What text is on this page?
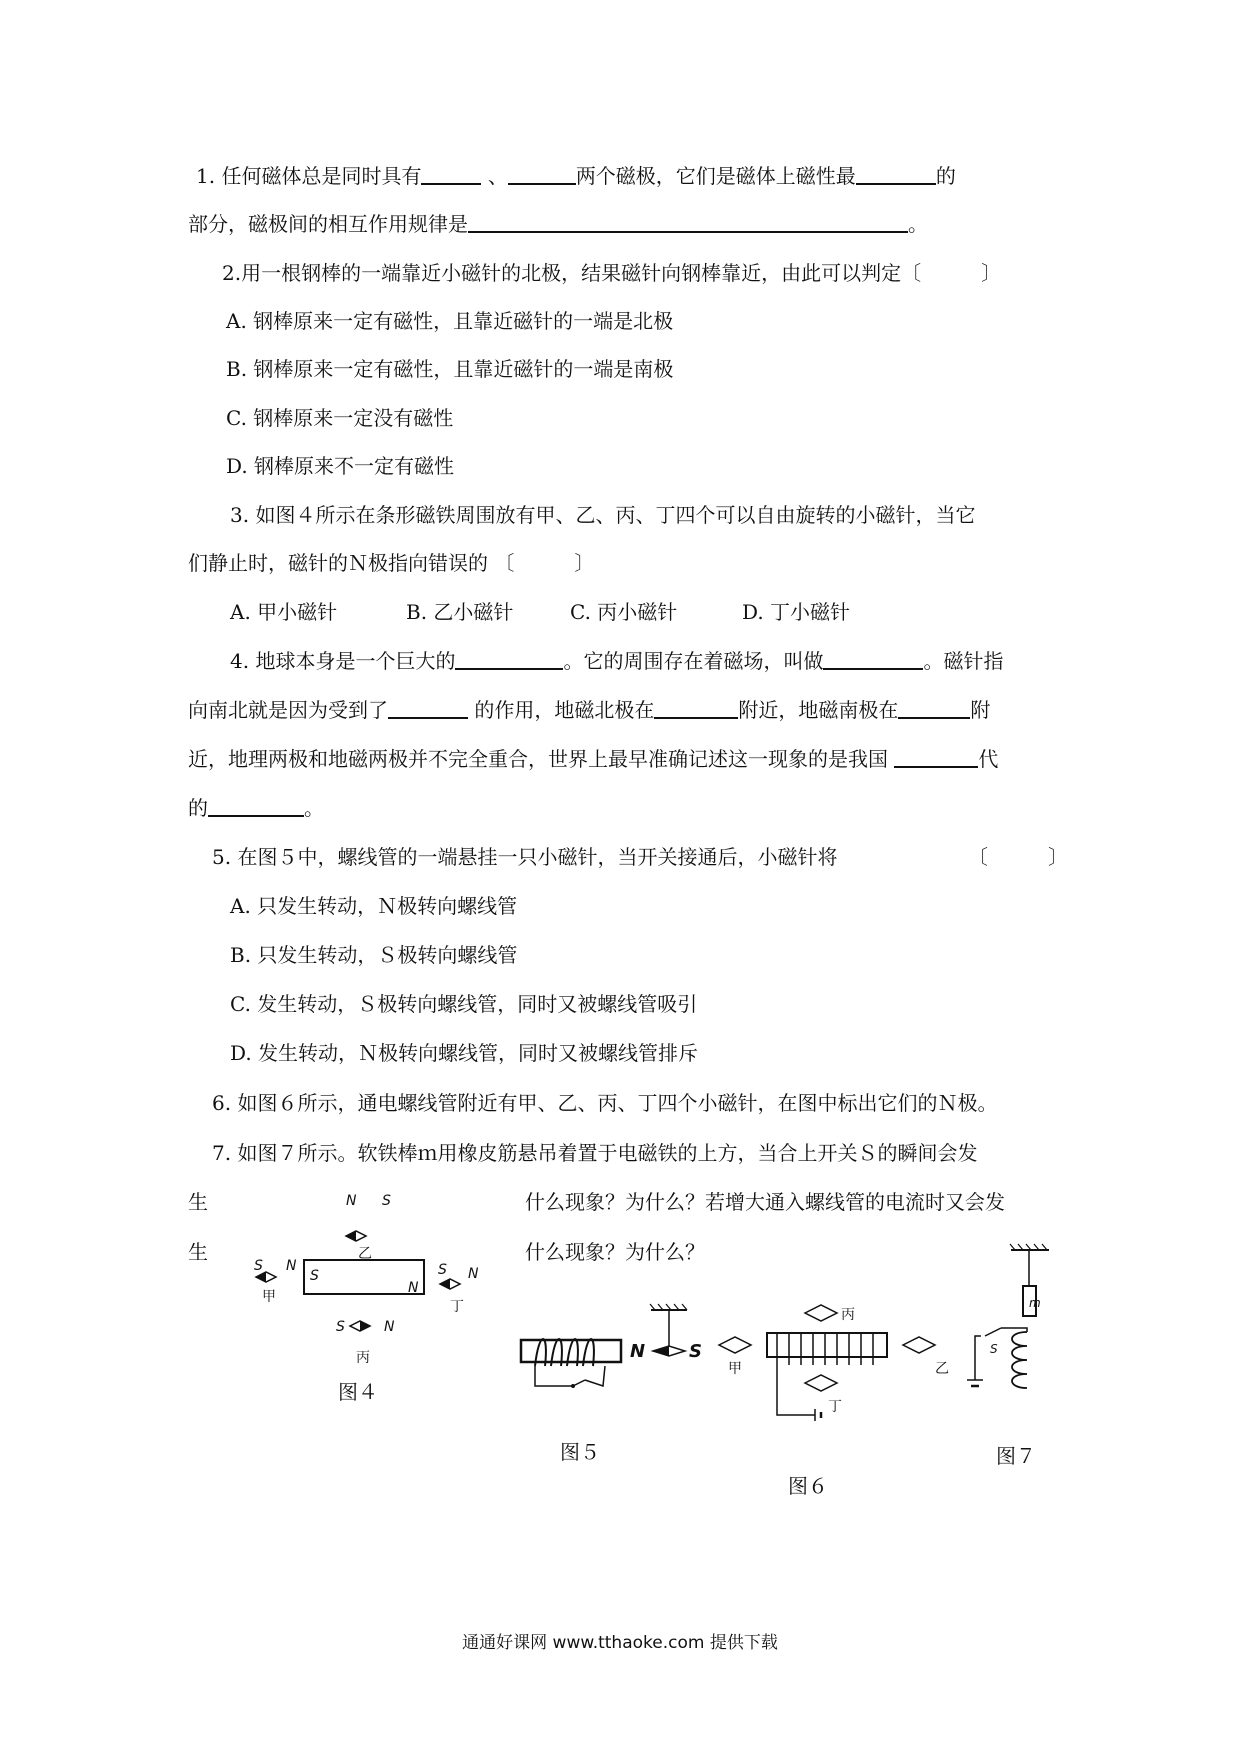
1. 任何磁体总是同时具有	、	两个磁极，它们是磁体上磁性最	的
部分，磁极间的相互作用规律是	。
2.用一根钢棒的一端靠近小磁针的北极，结果磁针向钢棒靠近，由此可以判定〔　　　〕
A. 钢棒原来一定有磁性，且靠近磁针的一端是北极
B. 钢棒原来一定有磁性，且靠近磁针的一端是南极
C. 钢棒原来一定没有磁性
D. 钢棒原来不一定有磁性
3. 如图４所示在条形磁铁周围放有甲、乙、丙、丁四个可以自由旋转的小磁针，当它
们静止时，磁针的Ｎ极指向错误的 〔　　　〕
A. 甲小磁针	B. 乙小磁针	C. 丙小磁针	D. 丁小磁针
4. 地球本身是一个巨大的	。它的周围存在着磁场，叫做	。磁针指
向南北就是因为受到了	的作用，地磁北极在	附近，地磁南极在	附
近，地理两极和地磁两极并不完全重合，世界上最早准确记述这一现象的是我国	代
的	。
5. 在图５中，螺线管的一端悬挂一只小磁针，当开关接通后，小磁针将	〔　　　〕
A. 只发生转动，Ｎ极转向螺线管
B. 只发生转动，Ｓ极转向螺线管
C. 发生转动，Ｓ极转向螺线管，同时又被螺线管吸引
D. 发生转动，Ｎ极转向螺线管，同时又被螺线管排斥
6. 如图６所示，通电螺线管附近有甲、乙、丙、丁四个小磁针，在图中标出它们的Ｎ极。
7. 如图７所示。软铁棒ｍ用橡皮筋悬吊着置于电磁铁的上方，当合上开关Ｓ的瞬间会发
生
生
什么现象？为什么？若增大通入螺线管的电流时又会发
什么现象？为什么？
N S
乙
S
N
S N
甲
S N
丁
S	N
丙
图４
N S
图５
丙
甲	乙
丁
图６
m
S
图７
通通好课网 www.tthaoke.com 提供下载
